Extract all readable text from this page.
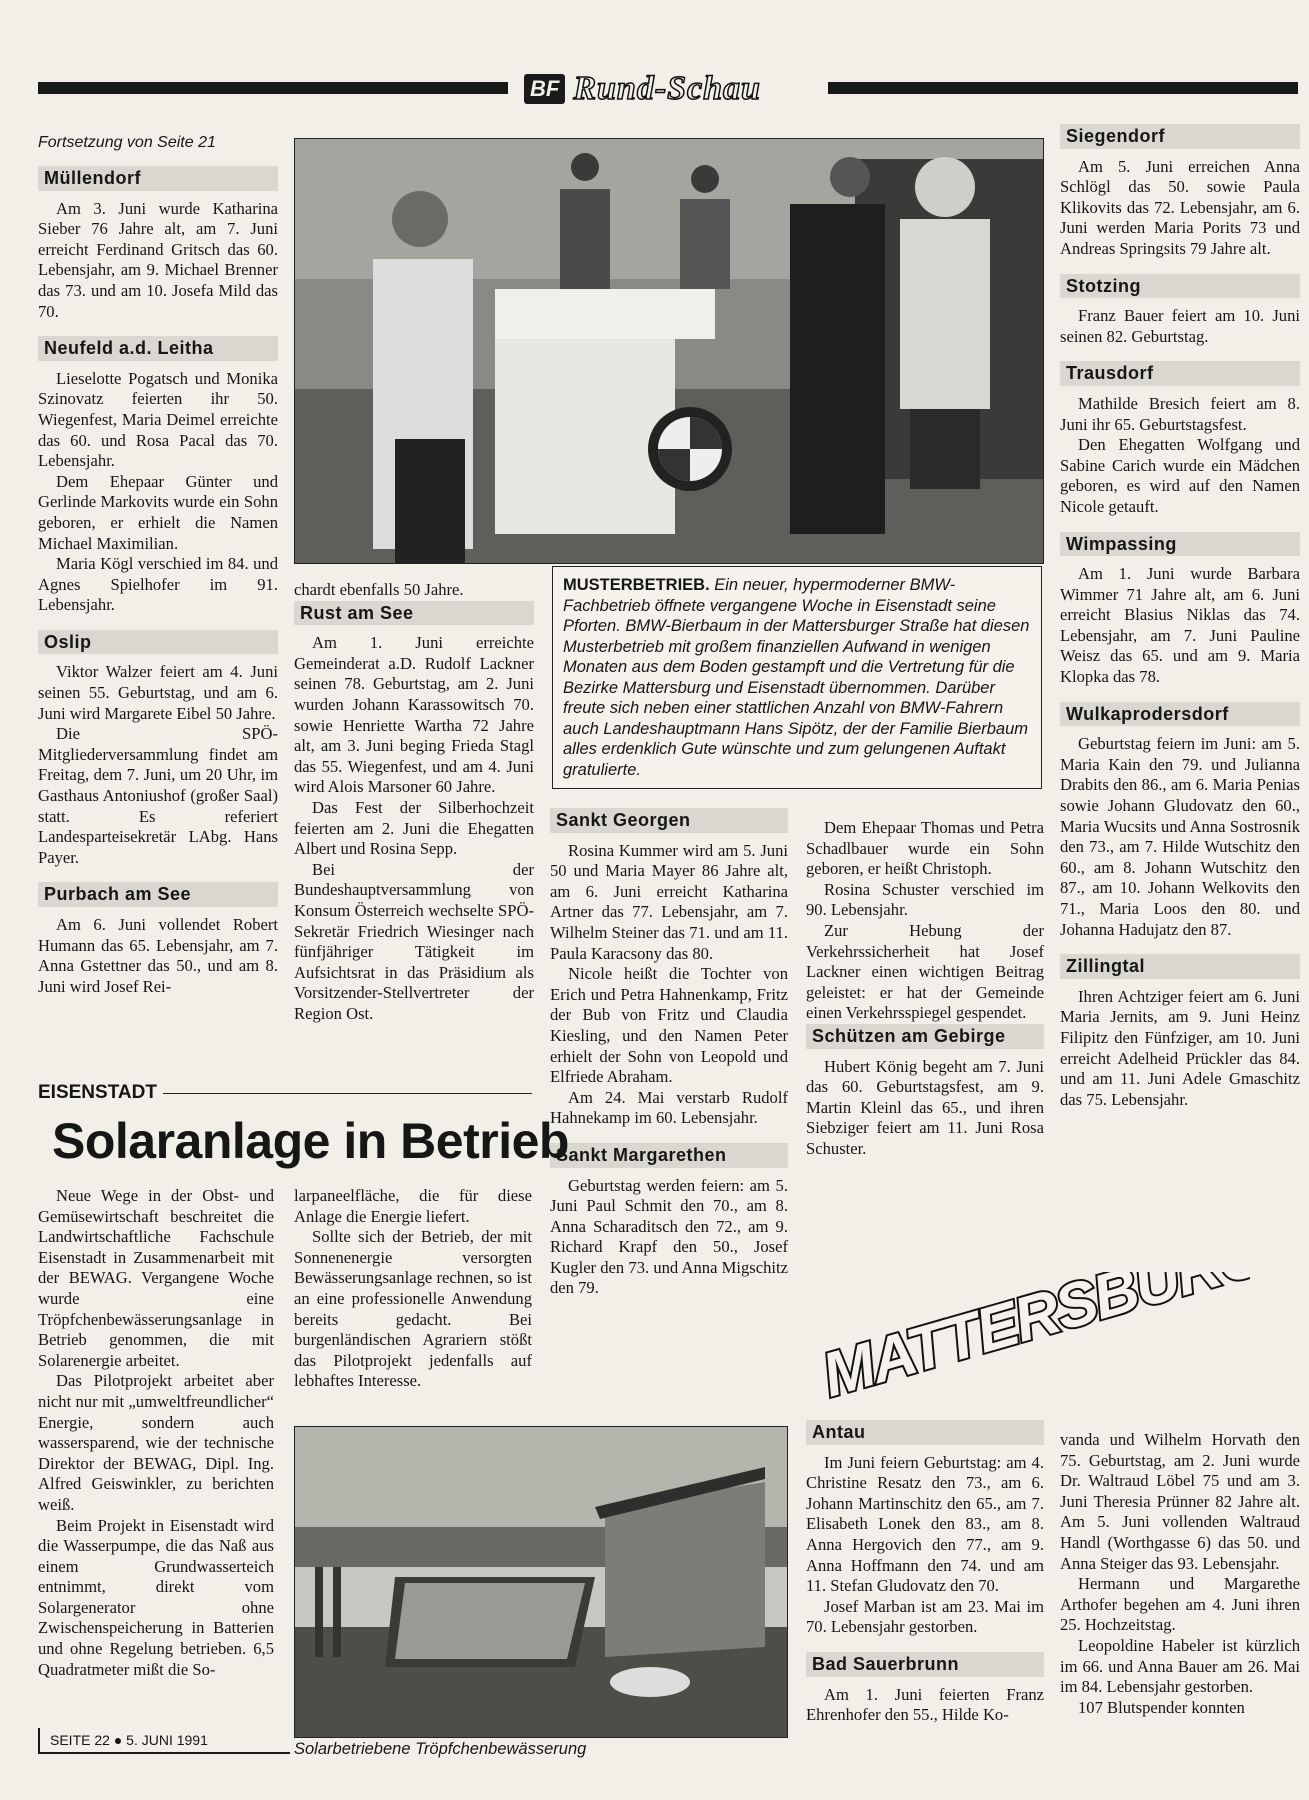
BF Rund-Schau
Fortsetzung von Seite 21
Müllendorf

Am 3. Juni wurde Katharina Sieber 76 Jahre alt, am 7. Juni erreicht Ferdinand Gritsch das 60. Lebensjahr, am 9. Michael Brenner das 73. und am 10. Josefa Mild das 70.

Neufeld a.d. Leitha

Lieselotte Pogatsch und Monika Szinovatz feierten ihr 50. Wiegenfest, Maria Deimel erreichte das 60. und Rosa Pacal das 70. Lebensjahr.

Dem Ehepaar Günter und Gerlinde Markovits wurde ein Sohn geboren, er erhielt die Namen Michael Maximilian.

Maria Kögl verschied im 84. und Agnes Spielhofer im 91. Lebensjahr.

Oslip

Viktor Walzer feiert am 4. Juni seinen 55. Geburtstag, und am 6. Juni wird Margarete Eibel 50 Jahre.

Die SPÖ-Mitgliederversammlung findet am Freitag, dem 7. Juni, um 20 Uhr, im Gasthaus Antoniushof (großer Saal) statt. Es referiert Landesparteisekretär LAbg. Hans Payer.

Purbach am See

Am 6. Juni vollendet Robert Humann das 65. Lebensjahr, am 7. Anna Gstettner das 50., und am 8. Juni wird Josef Rei-

MUSTERBETRIEB. Ein neuer, hypermoderner BMW-Fachbetrieb öffnete vergangene Woche in Eisenstadt seine Pforten. BMW-Bierbaum in der Mattersburger Straße hat diesen Musterbetrieb mit großem finanziellen Aufwand in wenigen Monaten aus dem Boden gestampft und die Vertretung für die Bezirke Mattersburg und Eisenstadt übernommen. Darüber freute sich neben einer stattlichen Anzahl von BMW-Fahrern auch Landeshauptmann Hans Sipötz, der der Familie Bierbaum alles erdenklich Gute wünschte und zum gelungenen Auftakt gratulierte.

chardt ebenfalls 50 Jahre.

Rust am See

Am 1. Juni erreichte Gemeinderat a.D. Rudolf Lackner seinen 78. Geburtstag, am 2. Juni wurden Johann Karassowitsch 70. sowie Henriette Wartha 72 Jahre alt, am 3. Juni beging Frieda Stagl das 55. Wiegenfest, und am 4. Juni wird Alois Marsoner 60 Jahre.

Das Fest der Silberhochzeit feierten am 2. Juni die Ehegatten Albert und Rosina Sepp.

Bei der Bundeshauptversammlung von Konsum Österreich wechselte SPÖ-Sekretär Friedrich Wiesinger nach fünfjähriger Tätigkeit im Aufsichtsrat in das Präsidium als Vorsitzender-Stellvertreter der Region Ost.

Sankt Georgen

Rosina Kummer wird am 5. Juni 50 und Maria Mayer 86 Jahre alt, am 6. Juni erreicht Katharina Artner das 77. Lebensjahr, am 7. Wilhelm Steiner das 71. und am 11. Paula Karacsony das 80.

Nicole heißt die Tochter von Erich und Petra Hahnenkamp, Fritz der Bub von Fritz und Claudia Kiesling, und den Namen Peter erhielt der Sohn von Leopold und Elfriede Abraham.

Am 24. Mai verstarb Rudolf Hahnekamp im 60. Lebensjahr.

Sankt Margarethen

Geburtstag werden feiern: am 5. Juni Paul Schmit den 70., am 8. Anna Scharaditsch den 72., am 9. Richard Krapf den 50., Josef Kugler den 73. und Anna Migschitz den 79.

Dem Ehepaar Thomas und Petra Schadlbauer wurde ein Sohn geboren, er heißt Christoph.

Rosina Schuster verschied im 90. Lebensjahr.

Zur Hebung der Verkehrssicherheit hat Josef Lackner einen wichtigen Beitrag geleistet: er hat der Gemeinde einen Verkehrsspiegel gespendet.

Schützen am Gebirge

Hubert König begeht am 7. Juni das 60. Geburtstagsfest, am 9. Martin Kleinl das 65., und ihren Siebziger feiert am 11. Juni Rosa Schuster.

Siegendorf

Am 5. Juni erreichen Anna Schlögl das 50. sowie Paula Klikovits das 72. Lebensjahr, am 6. Juni werden Maria Porits 73 und Andreas Springsits 79 Jahre alt.

Stotzing

Franz Bauer feiert am 10. Juni seinen 82. Geburtstag.

Trausdorf

Mathilde Bresich feiert am 8. Juni ihr 65. Geburtstagsfest.

Den Ehegatten Wolfgang und Sabine Carich wurde ein Mädchen geboren, es wird auf den Namen Nicole getauft.

Wimpassing

Am 1. Juni wurde Barbara Wimmer 71 Jahre alt, am 6. Juni erreicht Blasius Niklas das 74. Lebensjahr, am 7. Juni Pauline Weisz das 65. und am 9. Maria Klopka das 78.

Wulkaprodersdorf

Geburtstag feiern im Juni: am 5. Maria Kain den 79. und Julianna Drabits den 86., am 6. Maria Penias sowie Johann Gludovatz den 60., Maria Wucsits und Anna Sostrosnik den 73., am 7. Hilde Wutschitz den 60., am 8. Johann Wutschitz den 87., am 10. Johann Welkovits den 71., Maria Loos den 80. und Johanna Hadujatz den 87.

Zillingtal

Ihren Achtziger feiert am 6. Juni Maria Jernits, am 9. Juni Heinz Filipitz den Fünfziger, am 10. Juni erreicht Adelheid Prückler das 84. und am 11. Juni Adele Gmaschitz das 75. Lebensjahr.

EISENSTADT
Solaranlage in Betrieb

Neue Wege in der Obst- und Gemüsewirtschaft beschreitet die Landwirtschaftliche Fachschule Eisenstadt in Zusammenarbeit mit der BEWAG. Vergangene Woche wurde eine Tröpfchenbewässerungsanlage in Betrieb genommen, die mit Solarenergie arbeitet.

Das Pilotprojekt arbeitet aber nicht nur mit „umweltfreundlicher“ Energie, sondern auch wassersparend, wie der technische Direktor der BEWAG, Dipl. Ing. Alfred Geiswinkler, zu berichten weiß.

Beim Projekt in Eisenstadt wird die Wasserpumpe, die das Naß aus einem Grundwasserteich entnimmt, direkt vom Solargenerator ohne Zwischenspeicherung in Batterien und ohne Regelung betrieben. 6,5 Quadratmeter mißt die So-

larpaneelfläche, die für diese Anlage die Energie liefert.

Sollte sich der Betrieb, der mit Sonnenenergie versorgten Bewässerungsanlage rechnen, so ist an eine professionelle Anwendung bereits gedacht. Bei burgenländischen Agrariern stößt das Pilotprojekt jedenfalls auf lebhaftes Interesse.

Solarbetriebene Tröpfchenbewässerung
MATTERSBURG
Antau

Im Juni feiern Geburtstag: am 4. Christine Resatz den 73., am 6. Johann Martinschitz den 65., am 7. Elisabeth Lonek den 83., am 8. Anna Hergovich den 77., am 9. Anna Hoffmann den 74. und am 11. Stefan Gludovatz den 70.

Josef Marban ist am 23. Mai im 70. Lebensjahr gestorben.

Bad Sauerbrunn

Am 1. Juni feierten Franz Ehrenhofer den 55., Hilde Ko-

vanda und Wilhelm Horvath den 75. Geburtstag, am 2. Juni wurde Dr. Waltraud Löbel 75 und am 3. Juni Theresia Prünner 82 Jahre alt. Am 5. Juni vollenden Waltraud Handl (Worthgasse 6) das 50. und Anna Steiger das 93. Lebensjahr.

Hermann und Margarethe Arthofer begehen am 4. Juni ihren 25. Hochzeitstag.

Leopoldine Habeler ist kürzlich im 66. und Anna Bauer am 26. Mai im 84. Lebensjahr gestorben.

107 Blutspender konnten

SEITE 22 ● 5. JUNI 1991
